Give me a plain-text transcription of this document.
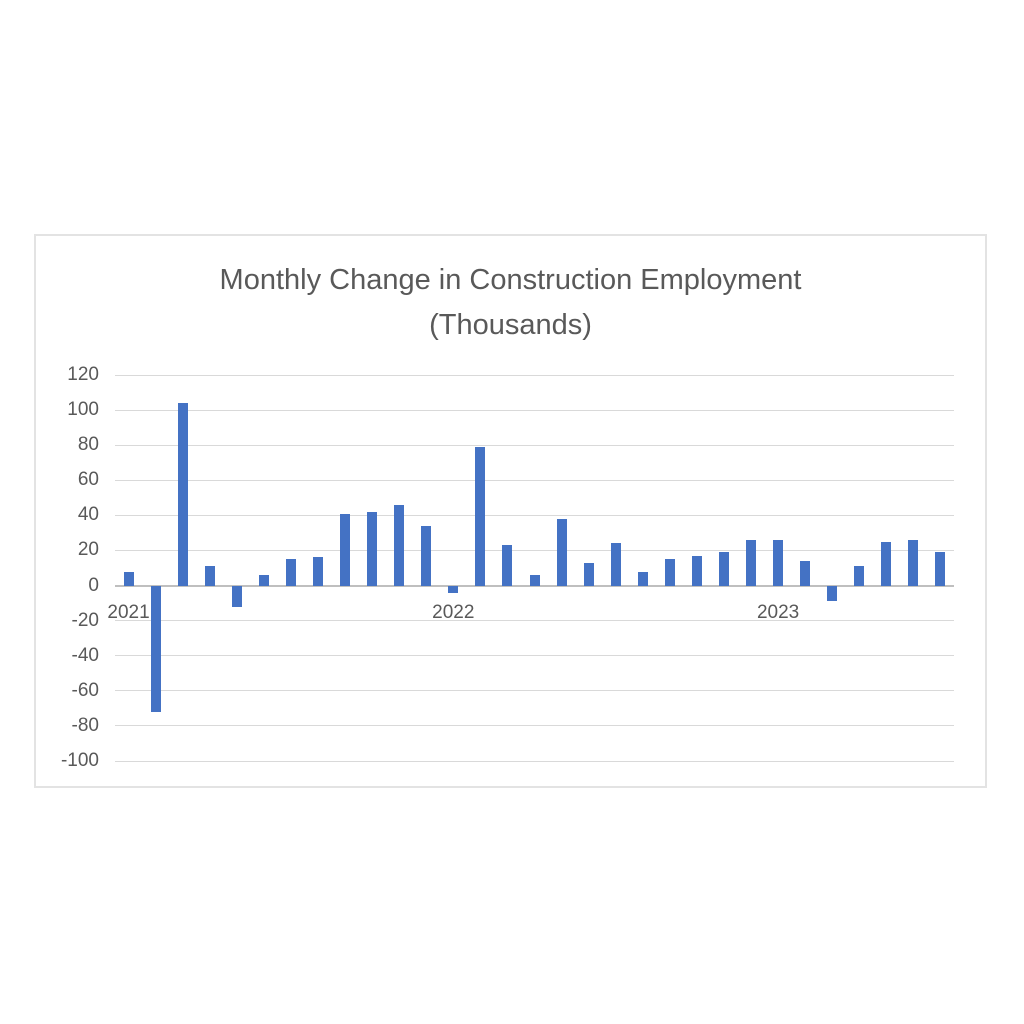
Monthly Change in Construction Employment
(Thousands)
120
100
80
60
40
20
0
-20
-40
-60
-80
-100
2021	2022	2023
